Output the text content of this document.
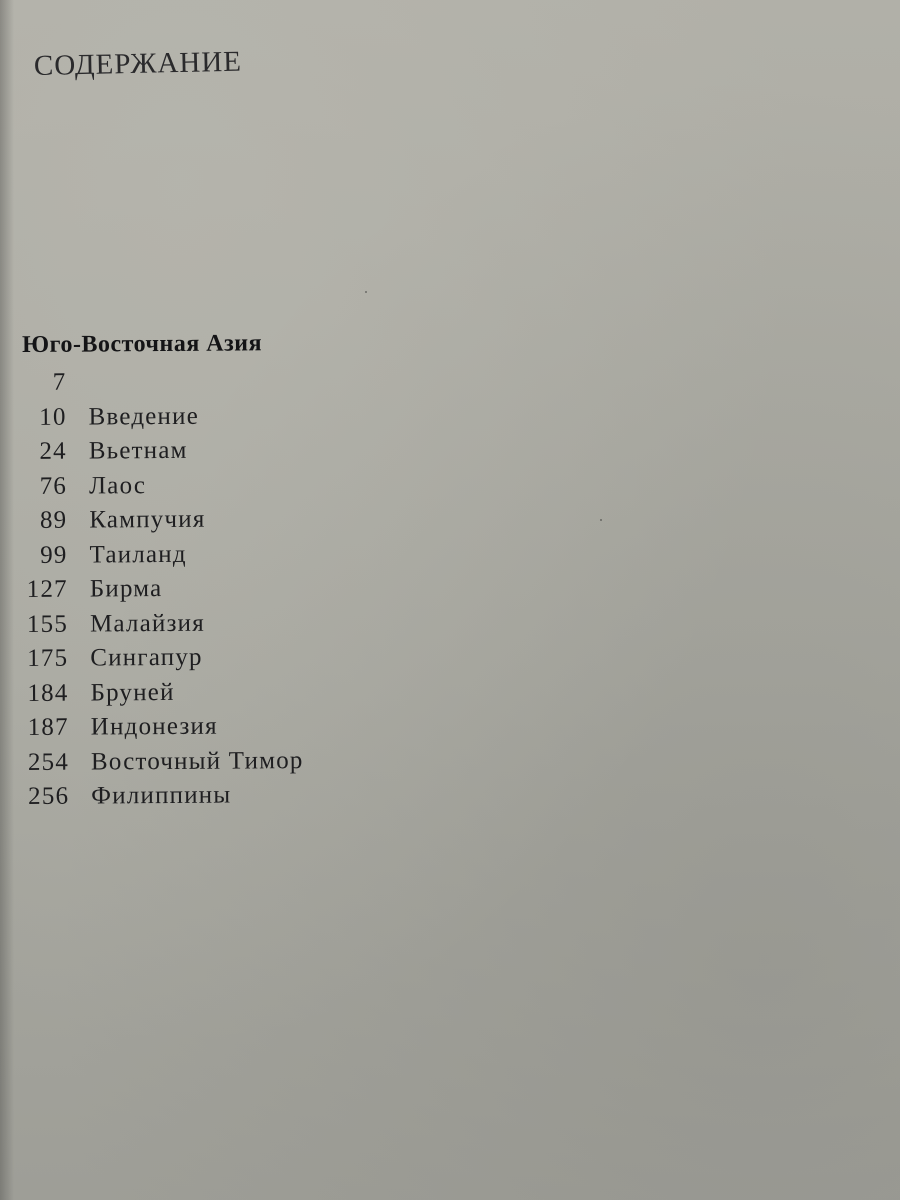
СОДЕРЖАНИЕ
Юго-Восточная Азия
7
10 Введение
24 Вьетнам
76 Лаос
89 Кампучия
99 Таиланд
127 Бирма
155 Малайзия
175 Сингапур
184 Бруней
187 Индонезия
254 Восточный Тимор
256 Филиппины
